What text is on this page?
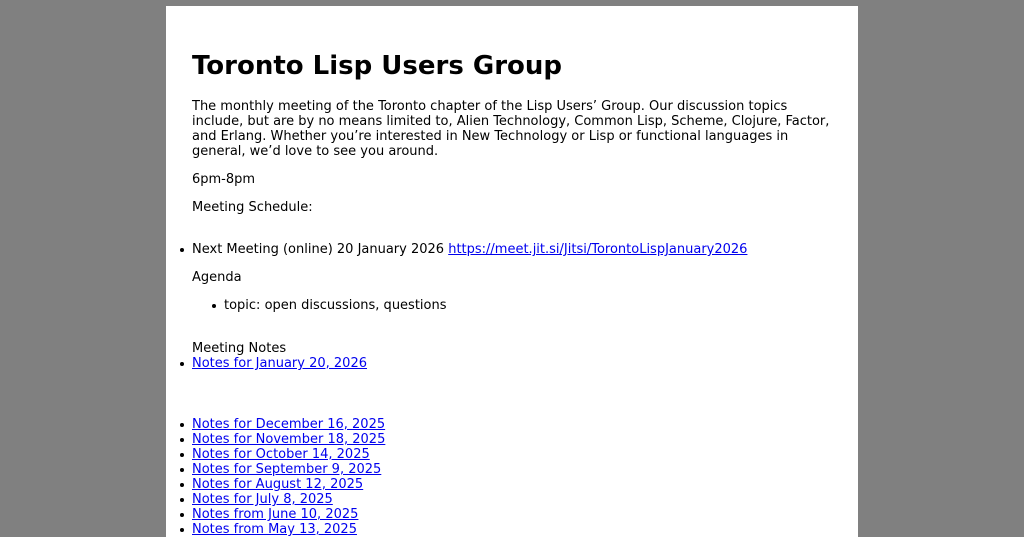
Toronto Lisp Users Group

The monthly meeting of the Toronto chapter of the Lisp Users’ Group. Our discussion topics include, but are by no means limited to, Alien Technology, Common Lisp, Scheme, Clojure, Factor, and Erlang. Whether you’re interested in New Technology or Lisp or functional languages in general, we’d love to see you around.

6pm-8pm

Meeting Schedule:

Next Meeting (online) 20 January 2026 https://meet.jit.si/Jitsi/TorontoLispJanuary2026

Agenda

topic: open discussions, questions

Meeting Notes

Notes for January 20, 2026
Notes for December 16, 2025
Notes for November 18, 2025
Notes for October 14, 2025
Notes for September 9, 2025
Notes for August 12, 2025
Notes for July 8, 2025
Notes from June 10, 2025
Notes from May 13, 2025
